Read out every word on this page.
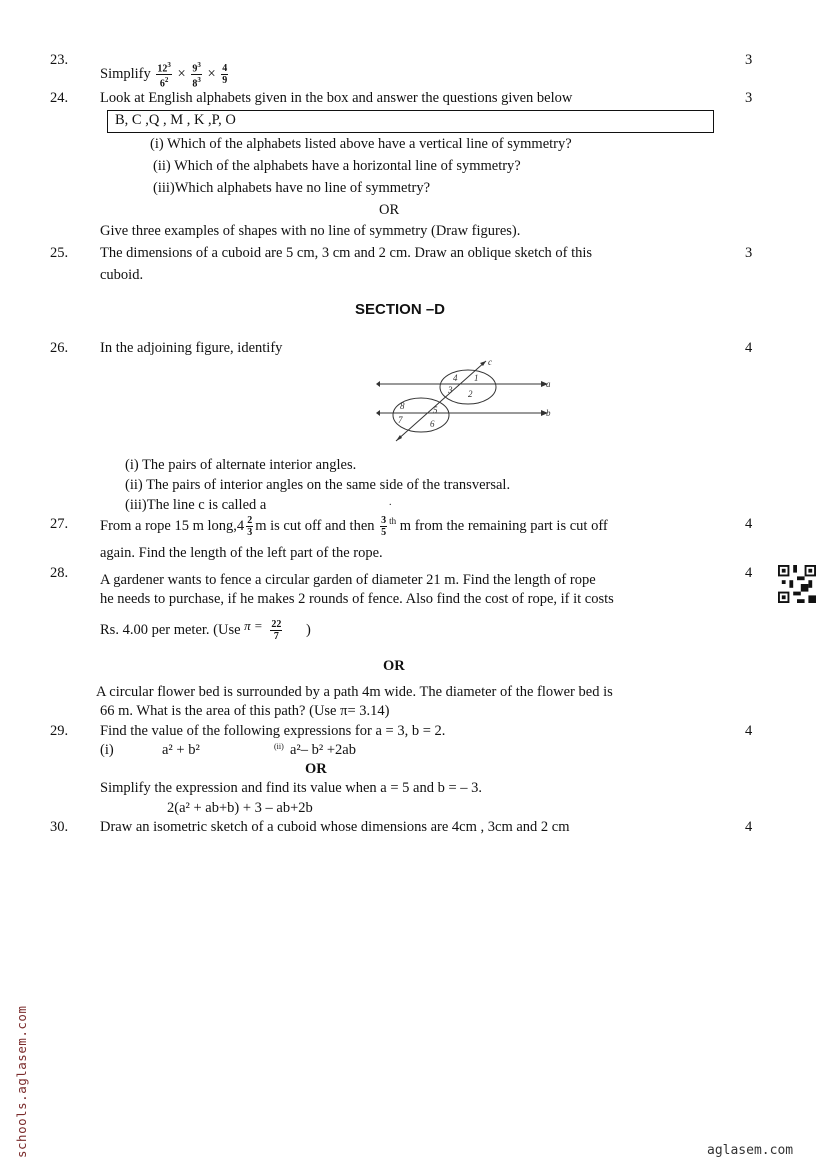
23.
Simplify $\frac{12^3}{6^2} \times \frac{9^3}{8^3} \times \frac{4}{9}$
3
24. Look at English alphabets given in the box and answer the questions given below	3
B, C ,Q , M , K ,P, O
(i) Which of the alphabets listed above have a vertical line of symmetry?
(ii) Which of the alphabets have a horizontal line of symmetry?
(iii)Which alphabets have no line of symmetry?
OR
Give three examples of shapes with no line of symmetry (Draw figures).
25. The dimensions of a cuboid are 5 cm, 3 cm and 2 cm. Draw an oblique sketch of this
cuboid.
3
SECTION –D
26. In the adjoining figure, identify	4
c
a
b
4 1
3 2
8	5
7	6
(i) The pairs of alternate interior angles.
(ii) The pairs of interior angles on the same side of the transversal.
(iii)The line c is called a	.
27. From a rope 15 m long,4 $\frac{2}{3}$ m is cut off and then $\frac{3}{5} ^{th}$ m from the remaining part is cut off
again. Find the length of the left part of the rope.
4
28. A gardener wants to fence a circular garden of diameter 21 m. Find the length of rope
he needs to purchase, if he makes 2 rounds of fence. Also find the cost of rope, if it costs
Rs. 4.00 per meter. (Use $\pi = \frac{22}{7}$ )
4
OR
A circular flower bed is surrounded by a path 4m wide. The diameter of the flower bed is
66 m. What is the area of this path? (Use π= 3.14)
29. Find the value of the following expressions for a = 3, b = 2.	4
(i)	a² + b²	(ii) a²– b² +2ab
OR
Simplify the expression and find its value when a = 5 and b = – 3.
2(a² + ab+b) + 3 – ab+2b
30. Draw an isometric sketch of a cuboid whose dimensions are 4cm , 3cm and 2 cm	4
schools.aglasem.com	aglasem.com
